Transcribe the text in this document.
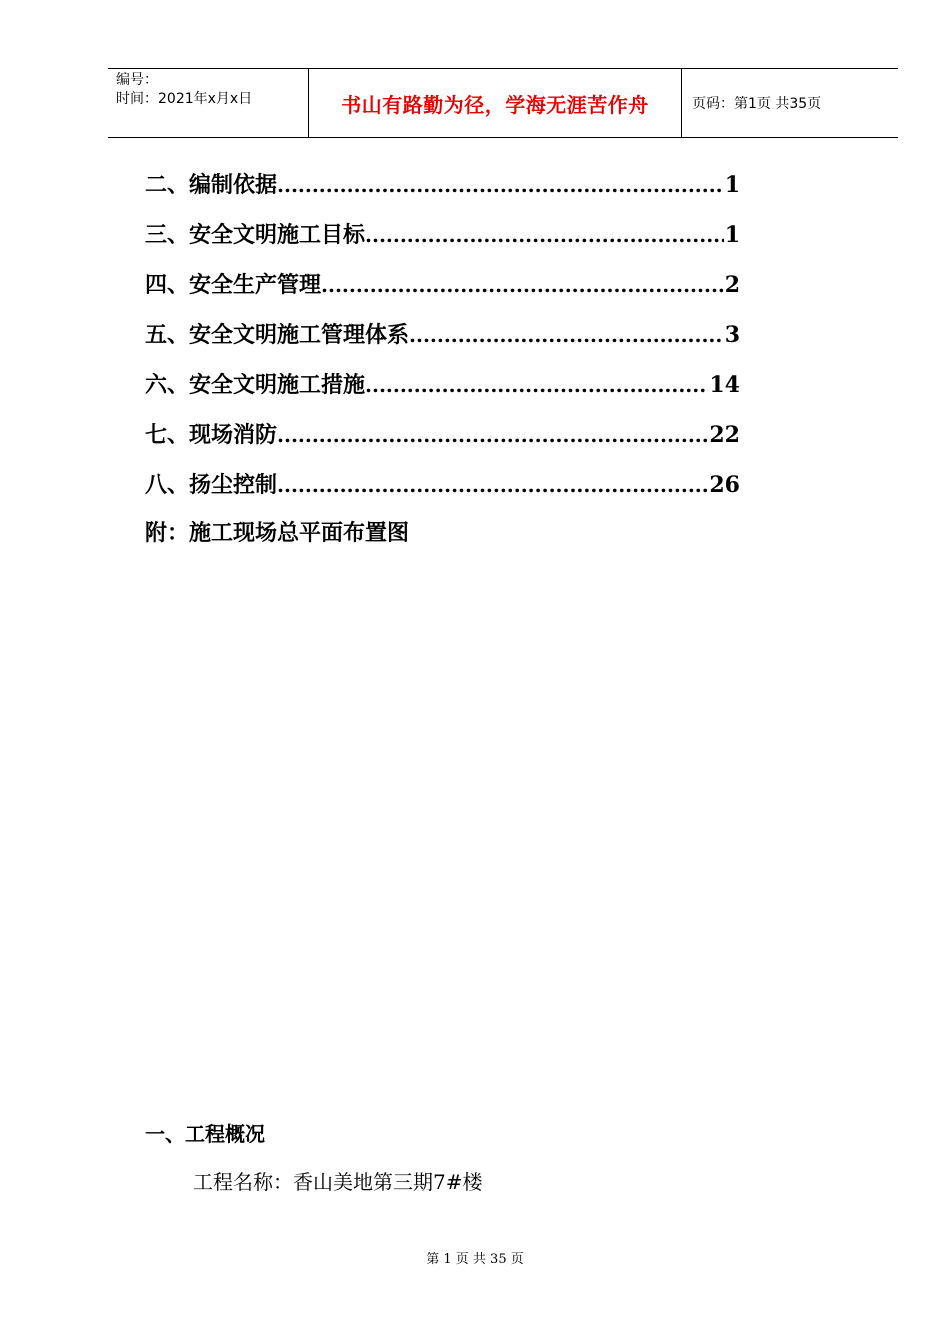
编号：
时间：2021年x月x日	书山有路勤为径，学海无涯苦作舟	页码：第1页 共35页
二、编制依据 .....	1
三、安全文明施工目标 .....	1
四、安全生产管理 .....	2
五、安全文明施工管理体系 .....	3
六、安全文明施工措施 .....	14
七、现场消防 .....	22
八、扬尘控制 .....	26
附：施工现场总平面布置图
一、工程概况
工程名称：香山美地第三期7#楼
第 1 页 共 35 页
